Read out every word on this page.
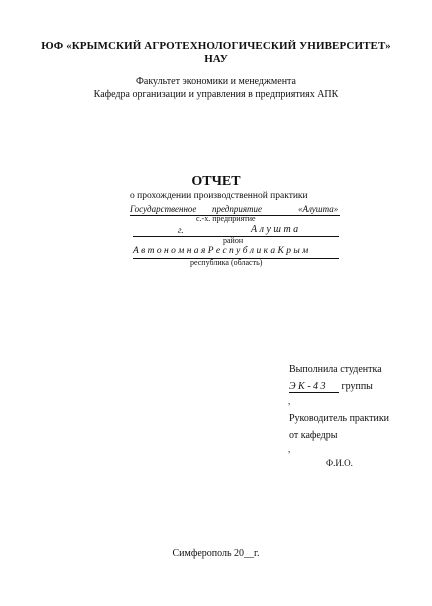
ЮФ «КРЫМСКИЙ АГРОТЕХНОЛОГИЧЕСКИЙ УНИВЕРСИТЕТ»
НАУ
Факультет экономики и менеджмента
Кафедра организации и управления в предприятиях АПК
ОТЧЕТ
о прохождении производственной практики
Государственное предприятие	«Алушта»
с.-х. предприятие
г.	А л у ш т а
район
А в т о н о м н а я Р е с п у б л и к а К р ы м
республика (область)
Выполнила студентка
Э К - 4 3 группы
,
Руководитель практики
от кафедры
,
Ф.И.О.
Симферополь 20__г.
